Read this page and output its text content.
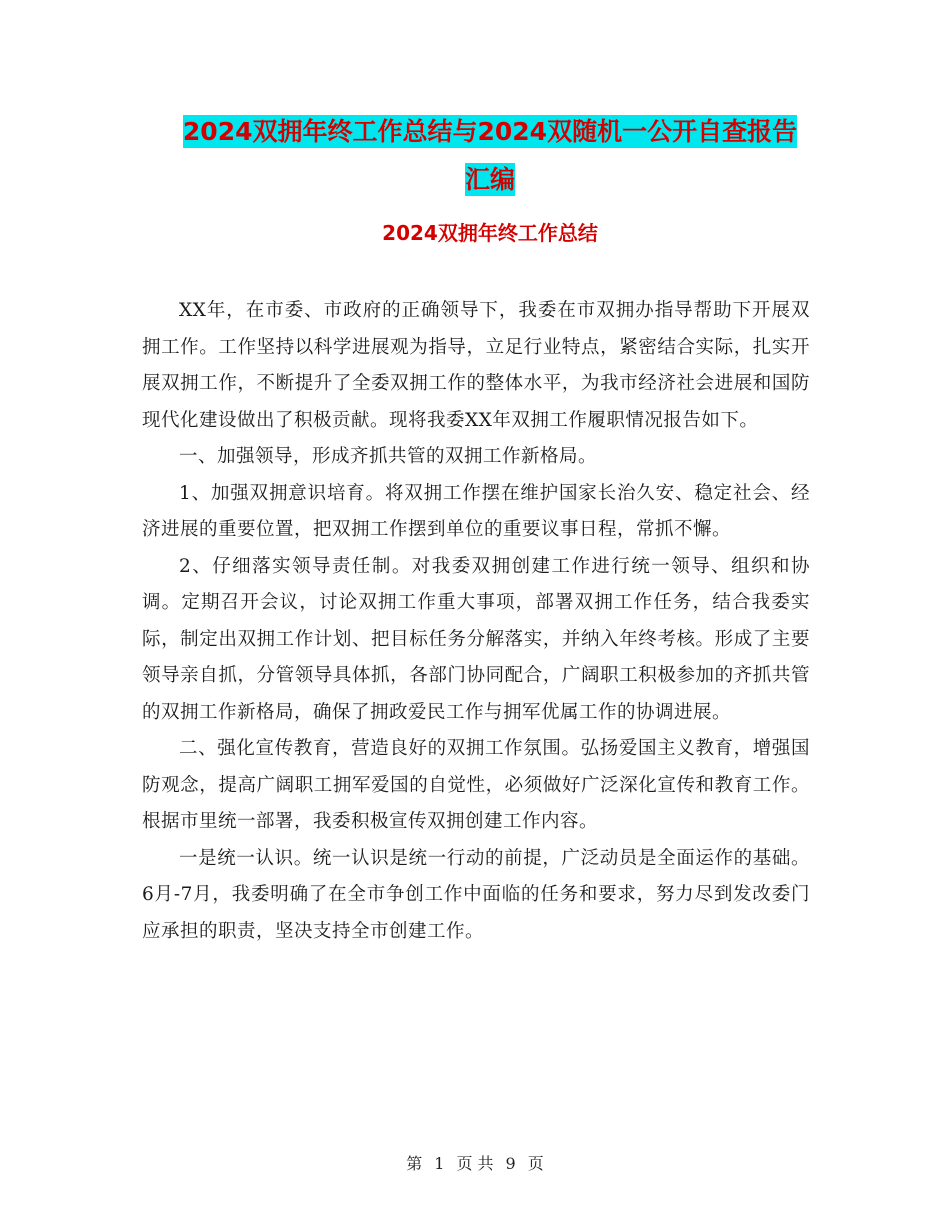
2024双拥年终工作总结与2024双随机一公开自查报告
汇编
2024双拥年终工作总结

XX年，在市委、市政府的正确领导下，我委在市双拥办指导帮助下开展双拥工作。工作坚持以科学进展观为指导，立足行业特点，紧密结合实际，扎实开展双拥工作，不断提升了全委双拥工作的整体水平，为我市经济社会进展和国防现代化建设做出了积极贡献。现将我委XX年双拥工作履职情况报告如下。

一、加强领导，形成齐抓共管的双拥工作新格局。

1、加强双拥意识培育。将双拥工作摆在维护国家长治久安、稳定社会、经济进展的重要位置，把双拥工作摆到单位的重要议事日程，常抓不懈。

2、仔细落实领导责任制。对我委双拥创建工作进行统一领导、组织和协调。定期召开会议，讨论双拥工作重大事项，部署双拥工作任务，结合我委实际，制定出双拥工作计划、把目标任务分解落实，并纳入年终考核。形成了主要领导亲自抓，分管领导具体抓，各部门协同配合，广阔职工积极参加的齐抓共管的双拥工作新格局，确保了拥政爱民工作与拥军优属工作的协调进展。

二、强化宣传教育，营造良好的双拥工作氛围。弘扬爱国主义教育，增强国防观念，提高广阔职工拥军爱国的自觉性，必须做好广泛深化宣传和教育工作。根据市里统一部署，我委积极宣传双拥创建工作内容。

一是统一认识。统一认识是统一行动的前提，广泛动员是全面运作的基础。6月-7月，我委明确了在全市争创工作中面临的任务和要求，努力尽到发改委门应承担的职责，坚决支持全市创建工作。

第 1 页 共 9 页
